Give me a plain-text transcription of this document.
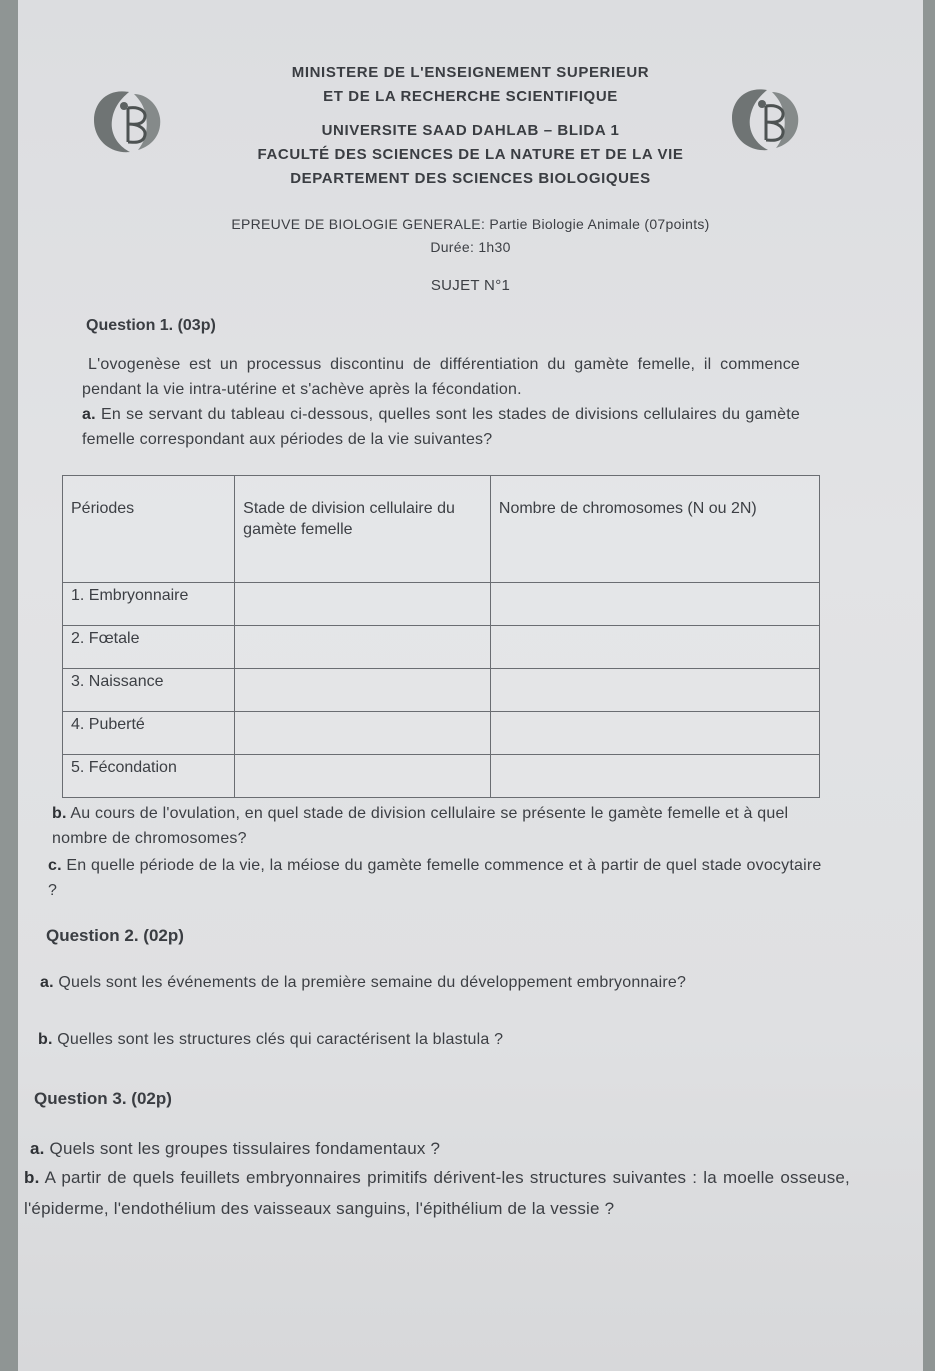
MINISTERE DE L'ENSEIGNEMENT SUPERIEUR
ET DE LA RECHERCHE SCIENTIFIQUE
UNIVERSITE SAAD DAHLAB – BLIDA 1
FACULTÉ DES SCIENCES DE LA NATURE ET DE LA VIE
DEPARTEMENT DES SCIENCES BIOLOGIQUES
EPREUVE DE BIOLOGIE GENERALE: Partie Biologie Animale (07points)
Durée: 1h30
SUJET N°1
Question 1. (03p)
L'ovogenèse est un processus discontinu de différentiation du gamète femelle, il commence pendant la vie intra-utérine et s'achève après la fécondation.
a. En se servant du tableau ci-dessous, quelles sont les stades de divisions cellulaires du gamète femelle correspondant aux périodes de la vie suivantes?
Périodes	Stade de division cellulaire du gamète femelle	Nombre de chromosomes (N ou 2N)
1. Embryonnaire		
2. Fœtale		
3. Naissance		
4. Puberté		
5. Fécondation		
b. Au cours de l'ovulation, en quel stade de division cellulaire se présente le gamète femelle et à quel nombre de chromosomes?
c. En quelle période de la vie, la méiose du gamète femelle commence et à partir de quel stade ovocytaire ?
Question 2. (02p)
a. Quels sont les événements de la première semaine du développement embryonnaire?
b. Quelles sont les structures clés qui caractérisent la blastula ?
Question 3. (02p)
a. Quels sont les groupes tissulaires fondamentaux ?
b. A partir de quels feuillets embryonnaires primitifs dérivent-les structures suivantes : la moelle osseuse, l'épiderme, l'endothélium des vaisseaux sanguins, l'épithélium de la vessie ?
